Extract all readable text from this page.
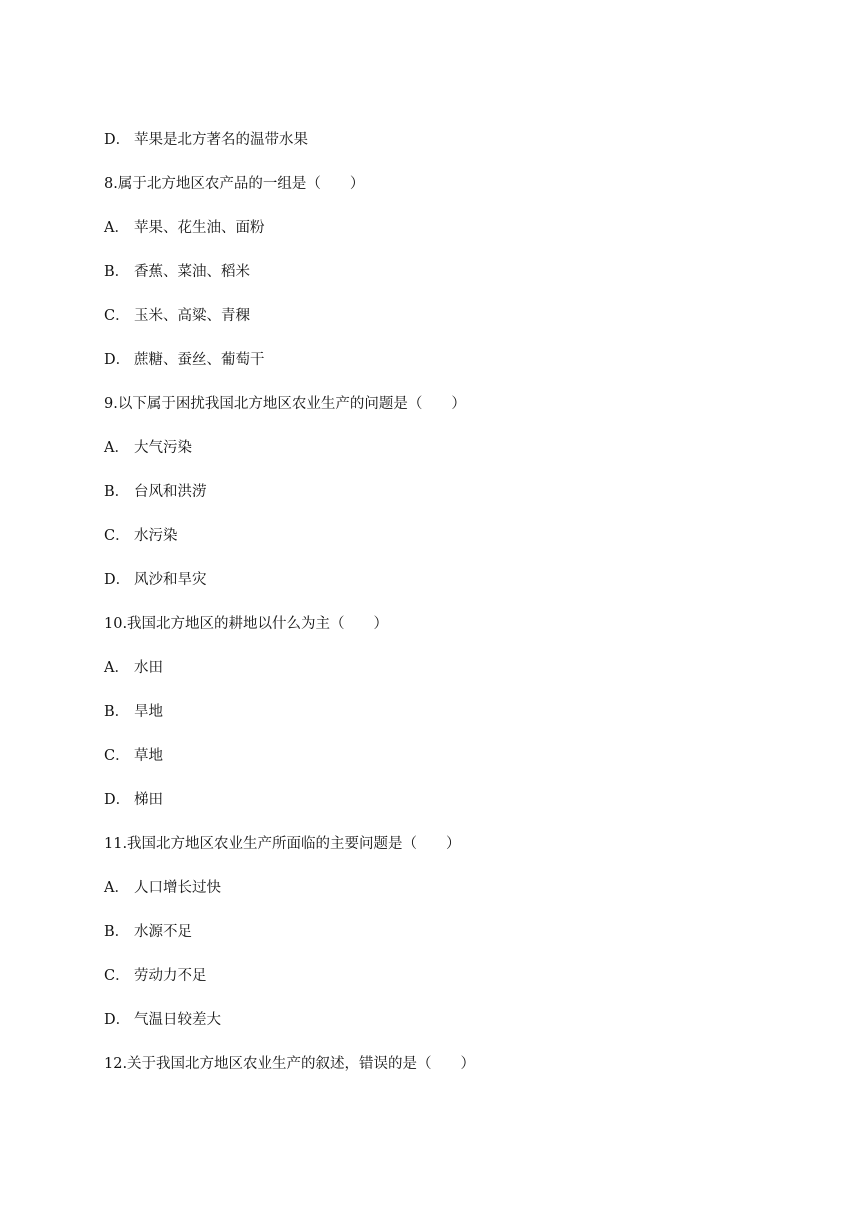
D． 苹果是北方著名的温带水果
8.属于北方地区农产品的一组是（　　）
A． 苹果、花生油、面粉
B． 香蕉、菜油、稻米
C． 玉米、高粱、青稞
D． 蔗糖、蚕丝、葡萄干
9.以下属于困扰我国北方地区农业生产的问题是（　　）
A． 大气污染
B． 台风和洪涝
C． 水污染
D． 风沙和旱灾
10.我国北方地区的耕地以什么为主（　　）
A． 水田
B． 旱地
C． 草地
D． 梯田
11.我国北方地区农业生产所面临的主要问题是（　　）
A． 人口增长过快
B． 水源不足
C． 劳动力不足
D． 气温日较差大
12.关于我国北方地区农业生产的叙述，错误的是（　　）
